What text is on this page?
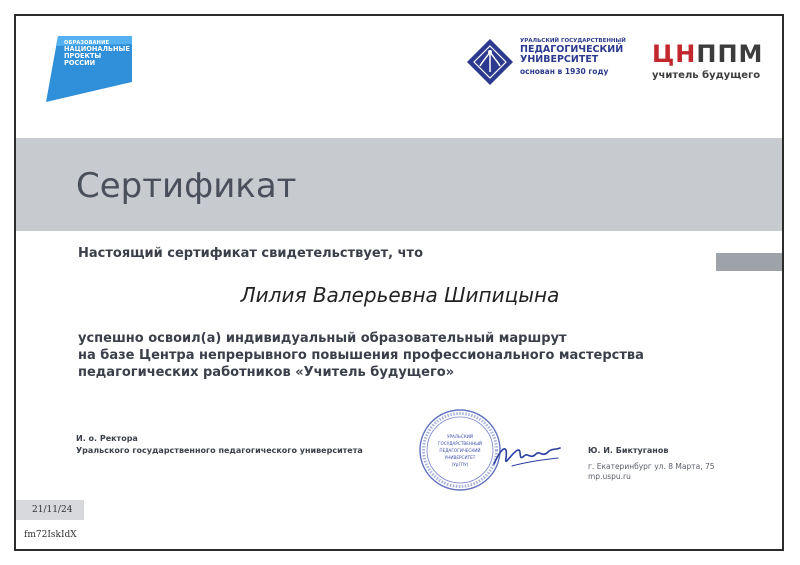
ОБРАЗОВАНИЕ
НАЦИОНАЛЬНЫЕ
ПРОЕКТЫ
РОССИИ
УРАЛЬСКИЙ ГОСУДАРСТВЕННЫЙ
ПЕДАГОГИЧЕСКИЙ
УНИВЕРСИТЕТ
основан в 1930 году
ЦНППМ
учитель будущего
Сертификат
Настоящий сертификат свидетельствует, что
Лилия Валерьевна Шипицына
успешно освоил(а) индивидуальный образовательный маршрут
на базе Центра непрерывного повышения профессионального мастерства
педагогических работников «Учитель будущего»
И. о. Ректора
Уральского государственного педагогического университета
УРАЛЬСКИЙ
ГОСУДАРСТВЕННЫЙ
ПЕДАГОГИЧЕСКИЙ
УНИВЕРСИТЕТ
(УрГПУ)
Ю. И. Биктуганов
г. Екатеринбург ул. 8 Марта, 75
mp.uspu.ru
21/11/24
fm72IskIdX
